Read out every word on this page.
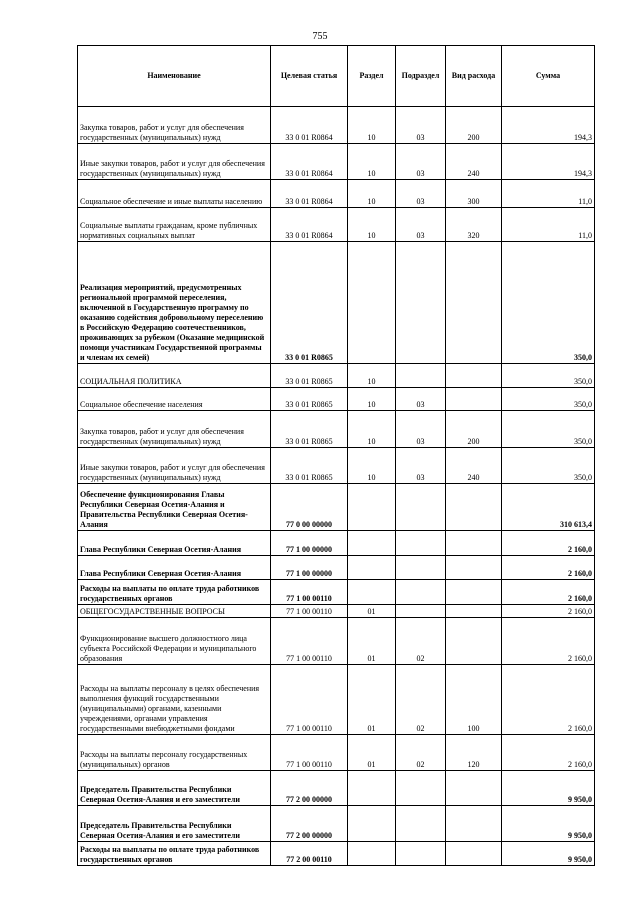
755
Наименование	Целевая статья	Раздел	Подраздел	Вид расхода	Сумма
Закупка товаров, работ и услуг для обеспечения государственных (муниципальных) нужд	33 0 01 R0864	10	03	200	194,3
Иные закупки товаров, работ и услуг для обеспечения государственных (муниципальных) нужд	33 0 01 R0864	10	03	240	194,3
Социальное обеспечение и иные выплаты населению	33 0 01 R0864	10	03	300	11,0
Социальные выплаты гражданам, кроме публичных нормативных социальных выплат	33 0 01 R0864	10	03	320	11,0
Реализация мероприятий, предусмотренных региональной программой переселения, включенной в Государственную программу по оказанию содействия добровольному переселению в Российскую Федерацию соотечественников, проживающих за рубежом (Оказание медицинской помощи участникам Государственной программы и членам их семей)	33 0 01 R0865				350,0
СОЦИАЛЬНАЯ ПОЛИТИКА	33 0 01 R0865	10			350,0
Социальное обеспечение населения	33 0 01 R0865	10	03		350,0
Закупка товаров, работ и услуг для обеспечения государственных (муниципальных) нужд	33 0 01 R0865	10	03	200	350,0
Иные закупки товаров, работ и услуг для обеспечения государственных (муниципальных) нужд	33 0 01 R0865	10	03	240	350,0
Обеспечение функционирования Главы Республики Северная Осетия-Алания и Правительства Республики Северная Осетия-Алания	77 0 00 00000				310 613,4
Глава Республики Северная Осетия-Алания	77 1 00 00000				2 160,0
Глава Республики Северная Осетия-Алания	77 1 00 00000				2 160,0
Расходы на выплаты по оплате труда работников государственных органов	77 1 00 00110				2 160,0
ОБЩЕГОСУДАРСТВЕННЫЕ ВОПРОСЫ	77 1 00 00110	01			2 160,0
Функционирование высшего должностного лица субъекта Российской Федерации и муниципального образования	77 1 00 00110	01	02		2 160,0
Расходы на выплаты персоналу в целях обеспечения выполнения функций государственными (муниципальными) органами, казенными учреждениями, органами управления государственными внебюджетными фондами	77 1 00 00110	01	02	100	2 160,0
Расходы на выплаты персоналу государственных (муниципальных) органов	77 1 00 00110	01	02	120	2 160,0
Председатель Правительства Республики Северная Осетия-Алания и его заместители	77 2 00 00000				9 950,0
Председатель Правительства Республики Северная Осетия-Алания и его заместители	77 2 00 00000				9 950,0
Расходы на выплаты по оплате труда работников государственных органов	77 2 00 00110				9 950,0
